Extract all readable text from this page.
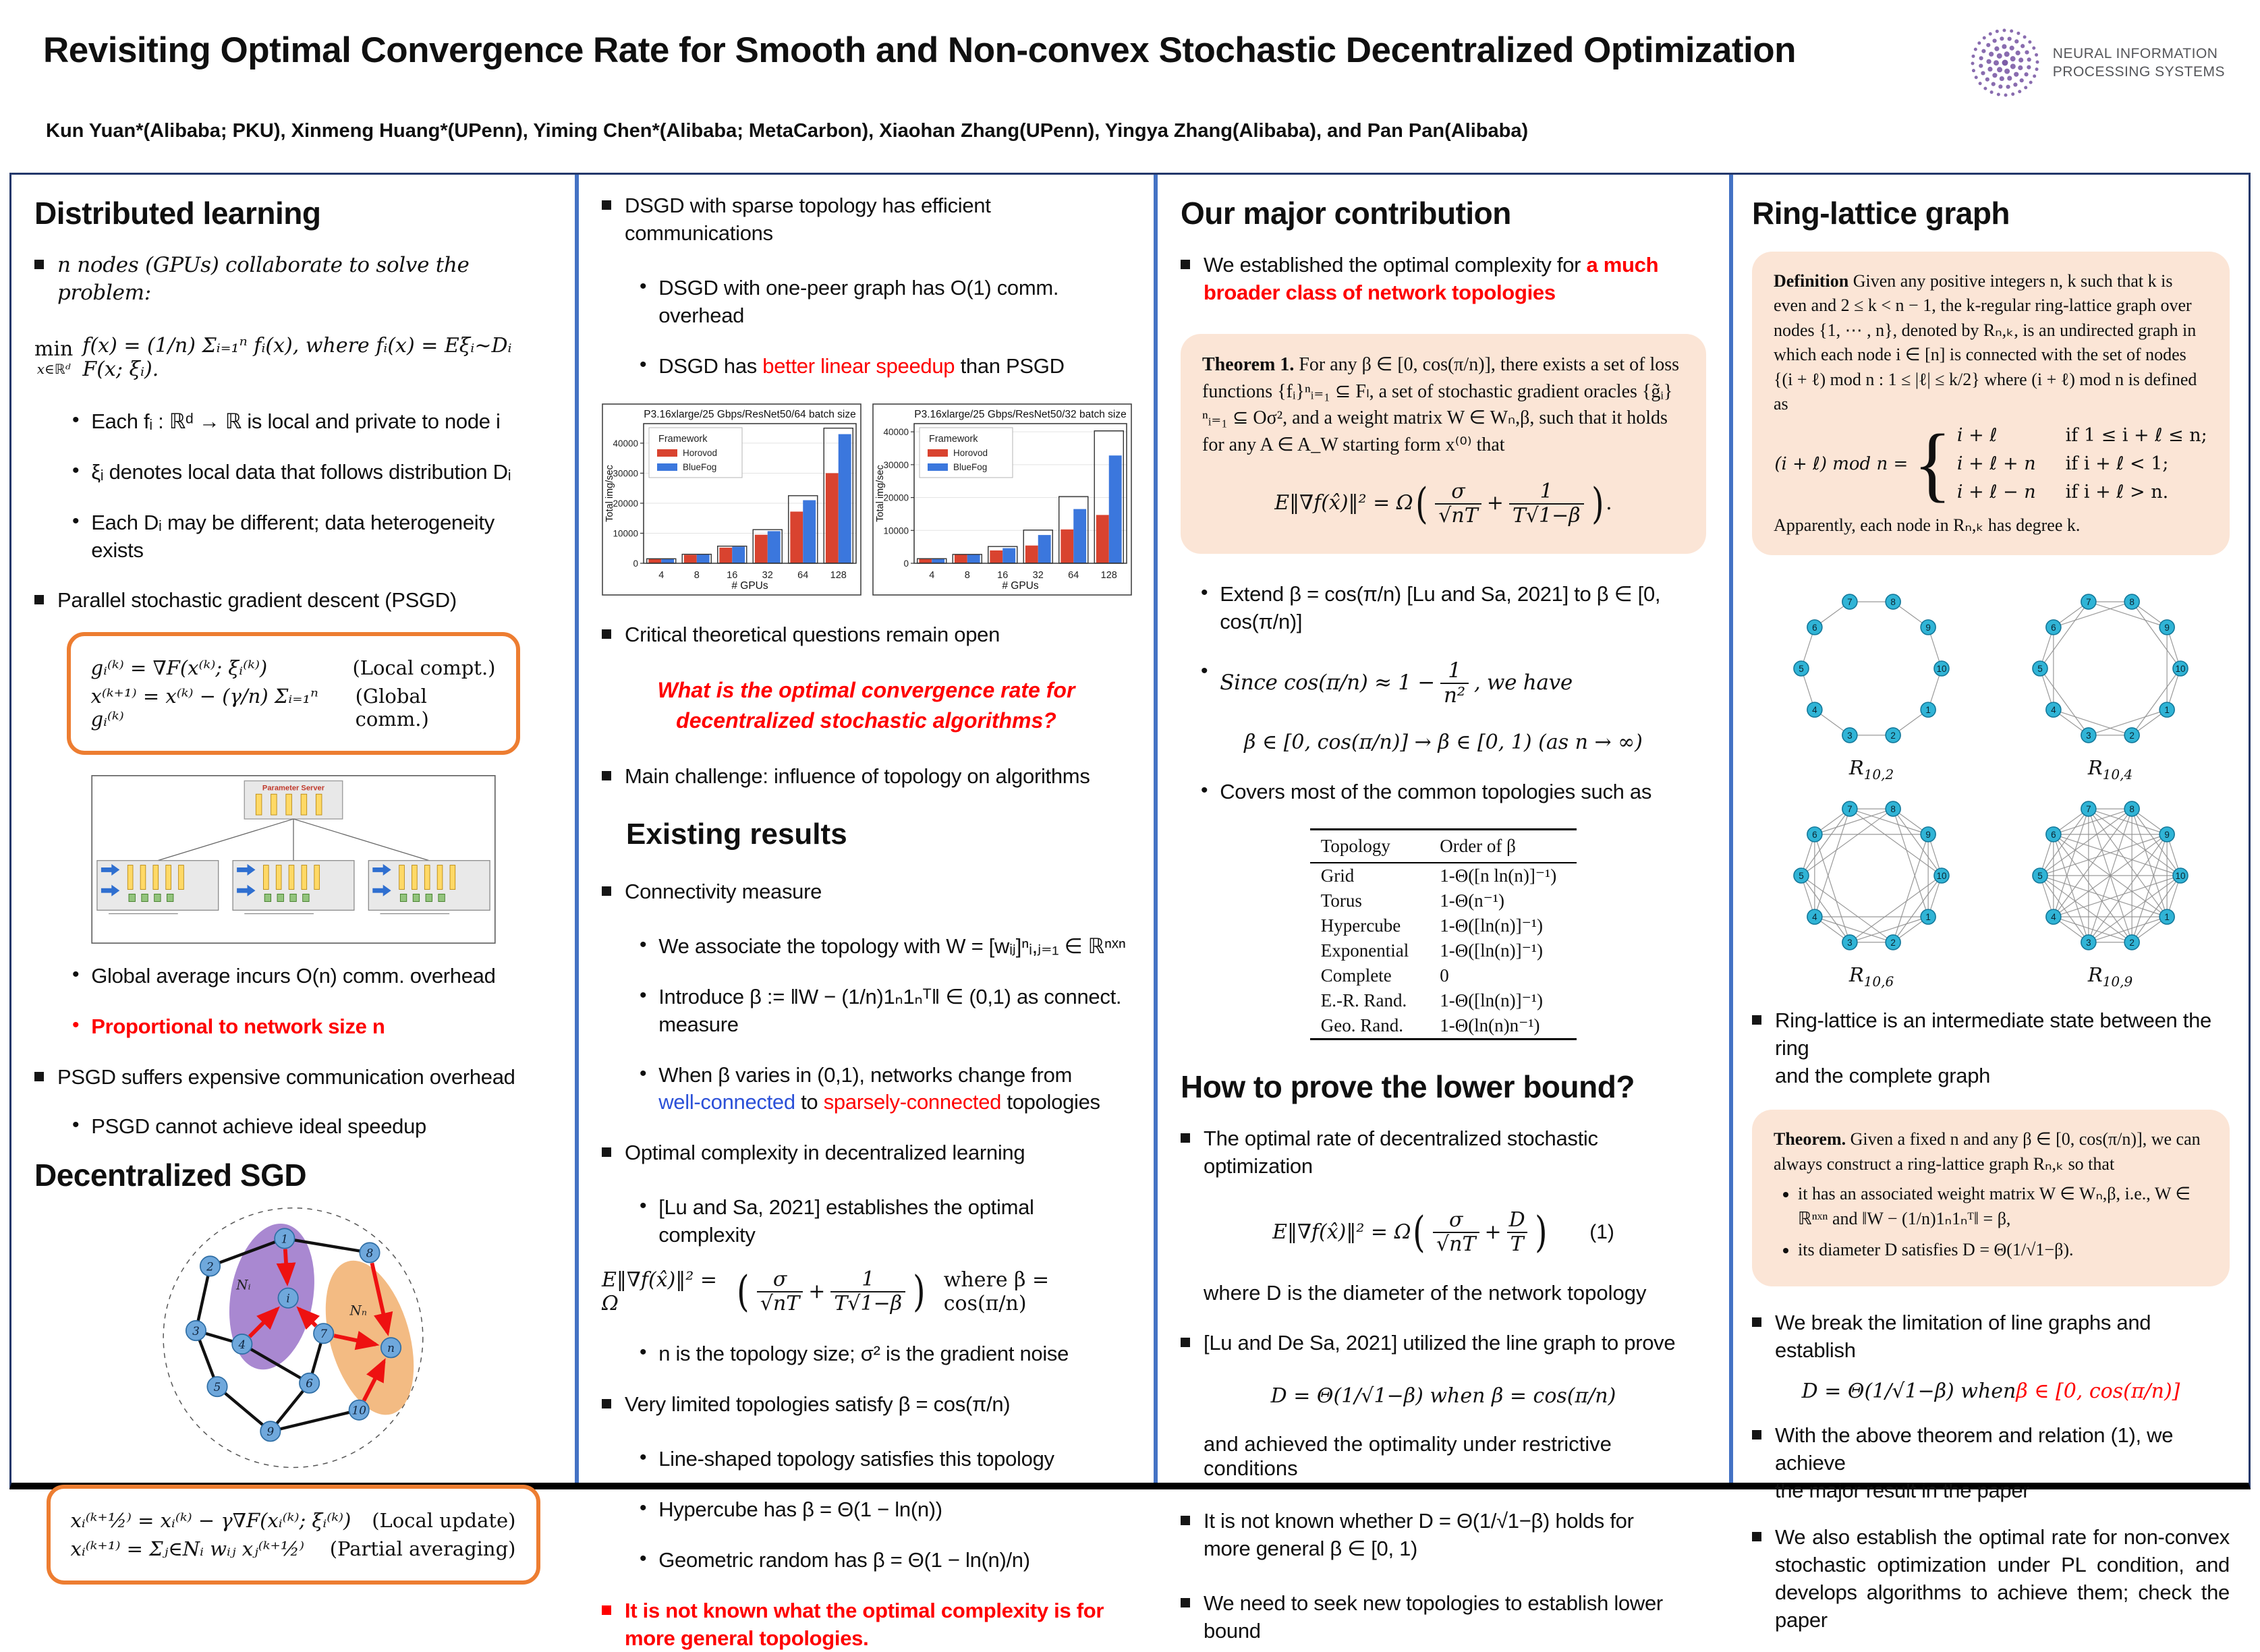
Revisiting Optimal Convergence Rate for Smooth and Non-convex Stochastic Decentralized Optimization
Kun Yuan*(Alibaba; PKU), Xinmeng Huang*(UPenn), Yiming Chen*(Alibaba; MetaCarbon), Xiaohan Zhang(UPenn), Yingya Zhang(Alibaba), and Pan Pan(Alibaba)
NEURAL INFORMATION
PROCESSING SYSTEMS
Distributed learning
n nodes (GPUs) collaborate to solve the problem:
min
x∈ℝᵈ
f(x) = (1/n) Σᵢ₌₁ⁿ fᵢ(x), where fᵢ(x) = Eξᵢ∼Dᵢ F(x; ξᵢ).
• Each fᵢ : ℝᵈ → ℝ is local and private to node i
• ξᵢ denotes local data that follows distribution Dᵢ
• Each Dᵢ may be different; data heterogeneity exists
Parallel stochastic gradient descent (PSGD)
gᵢ⁽ᵏ⁾ = ∇F(x⁽ᵏ⁾; ξᵢ⁽ᵏ⁾)	(Local compt.)
x⁽ᵏ⁺¹⁾ = x⁽ᵏ⁾ − (γ/n) Σᵢ₌₁ⁿ gᵢ⁽ᵏ⁾
(Global comm.)
Parameter Server
• Global average incurs O(n) comm. overhead
• Proportional to network size n
PSGD suffers expensive communication overhead
• PSGD cannot achieve ideal speedup
Decentralized SGD
1
2
8
i
3
4
7
n
6
5
9
10
Nᵢ
Nₙ
xᵢ⁽ᵏ⁺½⁾ = xᵢ⁽ᵏ⁾ − γ∇F(xᵢ⁽ᵏ⁾; ξᵢ⁽ᵏ⁾) (Local update)
xᵢ⁽ᵏ⁺¹⁾ = Σⱼ∈Nᵢ wᵢⱼ xⱼ⁽ᵏ⁺½⁾ (Partial averaging)
DSGD with sparse topology has efficient communications
• DSGD with one-peer graph has O(1) comm. overhead
• DSGD has better linear speedup than PSGD
P3.16xlarge/25 Gbps/ResNet50/64 batch size
0
10000
20000
30000
40000
4	8	16	32	64 128
# GPUs
Total img/sec
Framework
Horovod
BlueFog
P3.16xlarge/25 Gbps/ResNet50/32 batch size
0
10000
20000
30000
40000
4	8	16	32	64 128
# GPUs
Total img/sec
Framework
Horovod
BlueFog
Critical theoretical questions remain open
What is the optimal convergence rate for
decentralized stochastic algorithms?
Main challenge: influence of topology on algorithms
Existing results
Connectivity measure
• We associate the topology with W = [wᵢⱼ]ⁿᵢ,ⱼ₌₁ ∈ ℝⁿˣⁿ
• Introduce β := ‖W − (1/n)1ₙ1ₙᵀ‖ ∈ (0,1) as connect. measure
• When β varies in (0,1), networks change from
well-connected to sparsely-connected topologies
Optimal complexity in decentralized learning
• [Lu and Sa, 2021] establishes the optimal complexity
E‖∇f(x̂)‖² = Ω	( $\frac{\sigma}{√nT} + \frac{1}{T√1-\beta}$ ) where β = cos(π/n)
• n is the topology size; σ² is the gradient noise
Very limited topologies satisfy β = cos(π/n)
• Line-shaped topology satisfies this topology
• Hypercube has β = Θ(1 − ln(n))
• Geometric random has β = Θ(1 − ln(n)/n)
It is not known what the optimal complexity is for
more general topologies.
Our major contribution
We established the optimal complexity for a much broader class of network topologies
Theorem 1. For any β ∈ [0, cos(π/n)], there exists a set of loss functions {fᵢ}ⁿᵢ₌₁ ⊆ Fₗ, a set of stochastic gradient oracles {g̃ᵢ}ⁿᵢ₌₁ ⊆ Oσ², and a weight matrix W ∈ Wₙ,β, such that it holds for any A ∈ A_W starting form x⁽⁰⁾ that
E‖∇f(x̂)‖² = Ω ( $\frac{\sigma}{√nT} + \frac{1}{T√1-\beta}$ ) .
• Extend β = cos(π/n) [Lu and Sa, 2021] to β ∈ [0, cos(π/n)]
• Since $\cos(\pi/n) \approx 1 - \frac{1}{\text{n²}}$ , we have
β ∈ [0, cos(π/n)] → β ∈ [0, 1) (as n → ∞)
• Covers most of the common topologies such as
Topology	Order of β
Grid	1-Θ([n ln(n)]⁻¹)
Torus	1-Θ(n⁻¹)
Hypercube	1-Θ([ln(n)]⁻¹)
Exponential	1-Θ([ln(n)]⁻¹)
Complete	0
E.-R. Rand.	1-Θ([ln(n)]⁻¹)
Geo. Rand.	1-Θ(ln(n)n⁻¹)
How to prove the lower bound?
The optimal rate of decentralized stochastic optimization
E‖∇f(x̂)‖² = Ω ( $\frac{\sigma}{√nT} + \frac{D}{T}$ ) (1)
where D is the diameter of the network topology
[Lu and De Sa, 2021] utilized the line graph to prove
D = Θ(1/√1−β) when β = cos(π/n)
and achieved the optimality under restrictive conditions
It is not known whether D = Θ(1/√1−β) holds for
more general β ∈ [0, 1)
We need to seek new topologies to establish lower bound
Ring-lattice graph
Definition Given any positive integers n, k such that k is even and 2 ≤ k < n − 1, the k-regular ring-lattice graph over nodes {1, ⋯ , n}, denoted by Rₙ,ₖ, is an undirected graph in which each node i ∈ [n] is connected with the set of nodes {(i + ℓ) mod n : 1 ≤ |ℓ| ≤ k/2} where (i + ℓ) mod n is defined as
(i + ℓ) mod n = { i + ℓ	if 1 ≤ i + ℓ ≤ n;
i + ℓ + n if i + ℓ < 1;
i + ℓ − n if i + ℓ > n.
Apparently, each node in Rₙ,ₖ has degree k.
1
2
3
4
5
6
7	8
9
10
$R_{10,2}$
1
2
3
4
5
6
7	8
9
10
$R_{10,4}$
1
2
3
4
5
6
7	8
9
10
$R_{10,6}$
1
2
3
4
5
6
7	8
9
10
$R_{10,9}$
Ring-lattice is an intermediate state between the ring
and the complete graph
Theorem. Given a fixed n and any β ∈ [0, cos(π/n)], we can always construct a ring-lattice graph Rₙ,ₖ so that
• it has an associated weight matrix W ∈ Wₙ,β, i.e., W ∈ ℝⁿˣⁿ and ‖W − (1/n)1ₙ1ₙᵀ‖ = β,
• its diameter D satisfies D = Θ(1/√1−β).
We break the limitation of line graphs and establish
D = Θ(1/√1−β) when β ∈ [0, cos(π/n)]
With the above theorem and relation (1), we achieve
the major result in the paper
We also establish the optimal rate for non-convex stochastic optimization under PL condition, and develops algorithms to achieve them; check the paper
